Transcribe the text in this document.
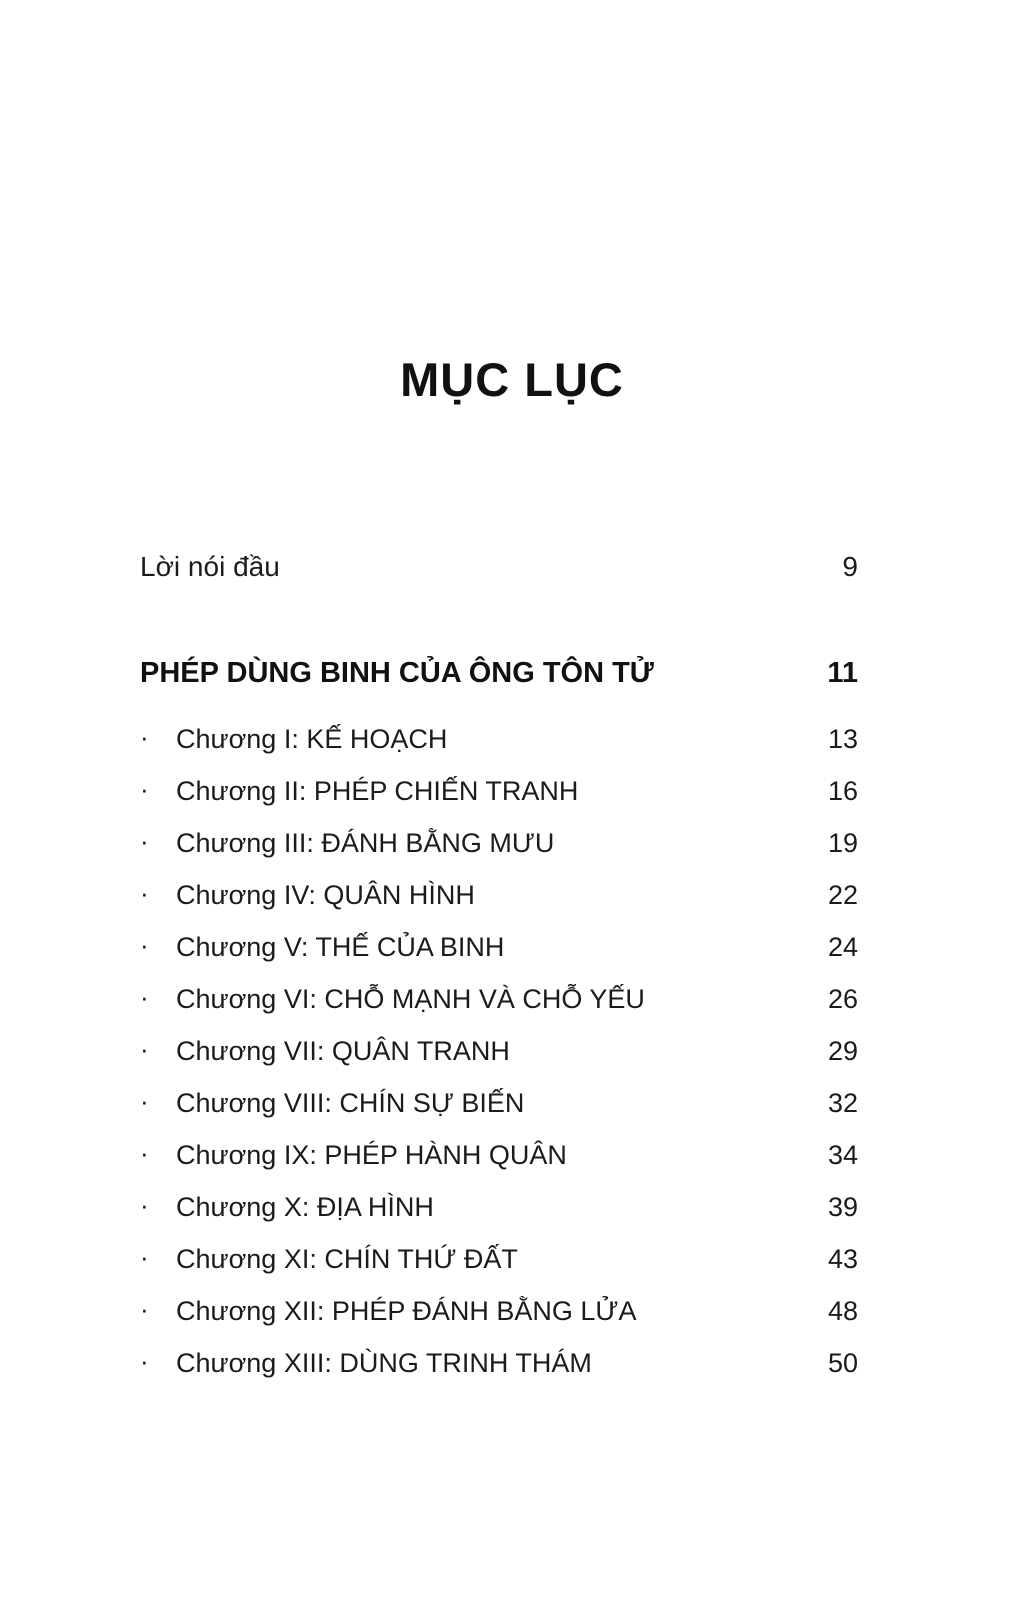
MỤC LỤC
Lời nói đầu	9
PHÉP DÙNG BINH CỦA ÔNG TÔN TỬ	11
·	Chương I: KẾ HOẠCH	13
·	Chương II: PHÉP CHIẾN TRANH	16
·	Chương III: ĐÁNH BẰNG MƯU	19
·	Chương IV: QUÂN HÌNH	22
·	Chương V: THẾ CỦA BINH	24
·	Chương VI: CHỖ MẠNH VÀ CHỖ YẾU	26
·	Chương VII: QUÂN TRANH	29
·	Chương VIII: CHÍN SỰ BIẾN	32
·	Chương IX: PHÉP HÀNH QUÂN	34
·	Chương X: ĐỊA HÌNH	39
·	Chương XI: CHÍN THỨ ĐẤT	43
·	Chương XII: PHÉP ĐÁNH BẰNG LỬA	48
·	Chương XIII: DÙNG TRINH THÁM	50
